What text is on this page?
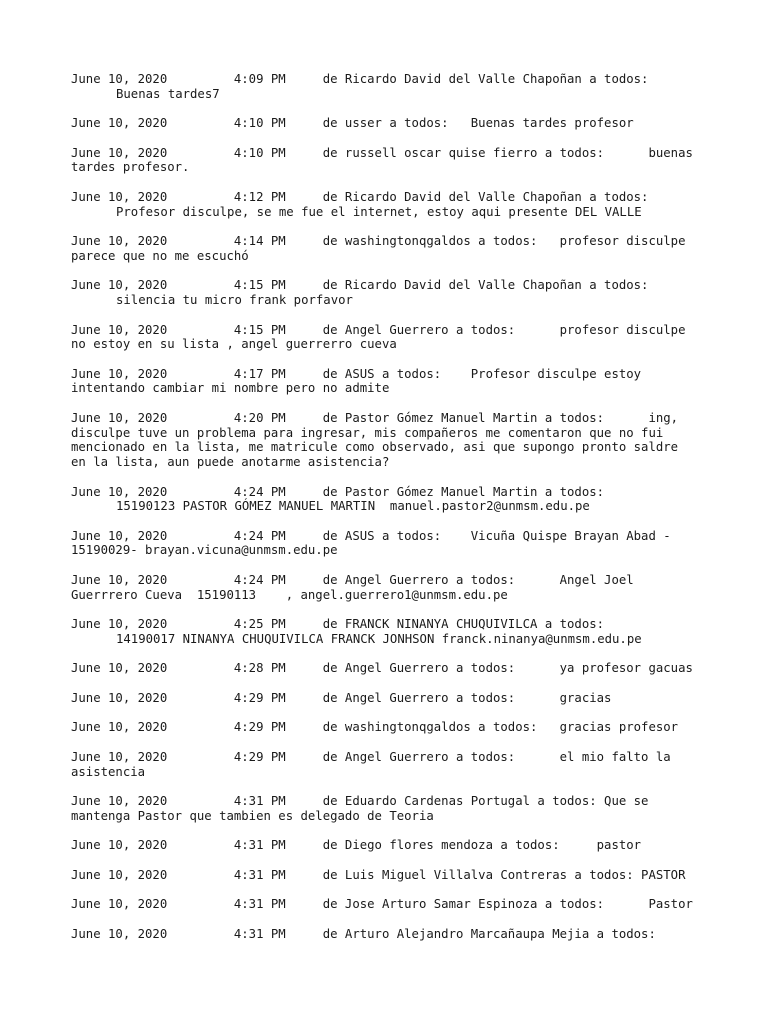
June 10, 2020         4:09 PM     de Ricardo David del Valle Chapoñan a todos:
Buenas tardes7
June 10, 2020         4:10 PM     de usser a todos:   Buenas tardes profesor
June 10, 2020         4:10 PM     de russell oscar quise fierro a todos:      buenas
tardes profesor.
June 10, 2020         4:12 PM     de Ricardo David del Valle Chapoñan a todos:
Profesor disculpe, se me fue el internet, estoy aqui presente DEL VALLE
June 10, 2020         4:14 PM     de washingtonqgaldos a todos:   profesor disculpe
parece que no me escuchó
June 10, 2020         4:15 PM     de Ricardo David del Valle Chapoñan a todos:
silencia tu micro frank porfavor
June 10, 2020         4:15 PM     de Angel Guerrero a todos:      profesor disculpe
no estoy en su lista , angel guerrerro cueva
June 10, 2020         4:17 PM     de ASUS a todos:    Profesor disculpe estoy
intentando cambiar mi nombre pero no admite
June 10, 2020         4:20 PM     de Pastor Gómez Manuel Martin a todos:      ing,
disculpe tuve un problema para ingresar, mis compañeros me comentaron que no fui
mencionado en la lista, me matricule como observado, asi que supongo pronto saldre
en la lista, aun puede anotarme asistencia?
June 10, 2020         4:24 PM     de Pastor Gómez Manuel Martin a todos:
15190123 PASTOR GÓMEZ MANUEL MARTIN  manuel.pastor2@unmsm.edu.pe
June 10, 2020         4:24 PM     de ASUS a todos:    Vicuña Quispe Brayan Abad -
15190029- brayan.vicuna@unmsm.edu.pe
June 10, 2020         4:24 PM     de Angel Guerrero a todos:      Angel Joel
Guerrrero Cueva  15190113    , angel.guerrero1@unmsm.edu.pe
June 10, 2020         4:25 PM     de FRANCK NINANYA CHUQUIVILCA a todos:
14190017 NINANYA CHUQUIVILCA FRANCK JONHSON franck.ninanya@unmsm.edu.pe
June 10, 2020         4:28 PM     de Angel Guerrero a todos:      ya profesor gacuas
June 10, 2020         4:29 PM     de Angel Guerrero a todos:      gracias
June 10, 2020         4:29 PM     de washingtonqgaldos a todos:   gracias profesor
June 10, 2020         4:29 PM     de Angel Guerrero a todos:      el mio falto la
asistencia
June 10, 2020         4:31 PM     de Eduardo Cardenas Portugal a todos: Que se
mantenga Pastor que tambien es delegado de Teoria
June 10, 2020         4:31 PM     de Diego flores mendoza a todos:     pastor
June 10, 2020         4:31 PM     de Luis Miguel Villalva Contreras a todos: PASTOR
June 10, 2020         4:31 PM     de Jose Arturo Samar Espinoza a todos:      Pastor
June 10, 2020         4:31 PM     de Arturo Alejandro Marcañaupa Mejia a todos:
